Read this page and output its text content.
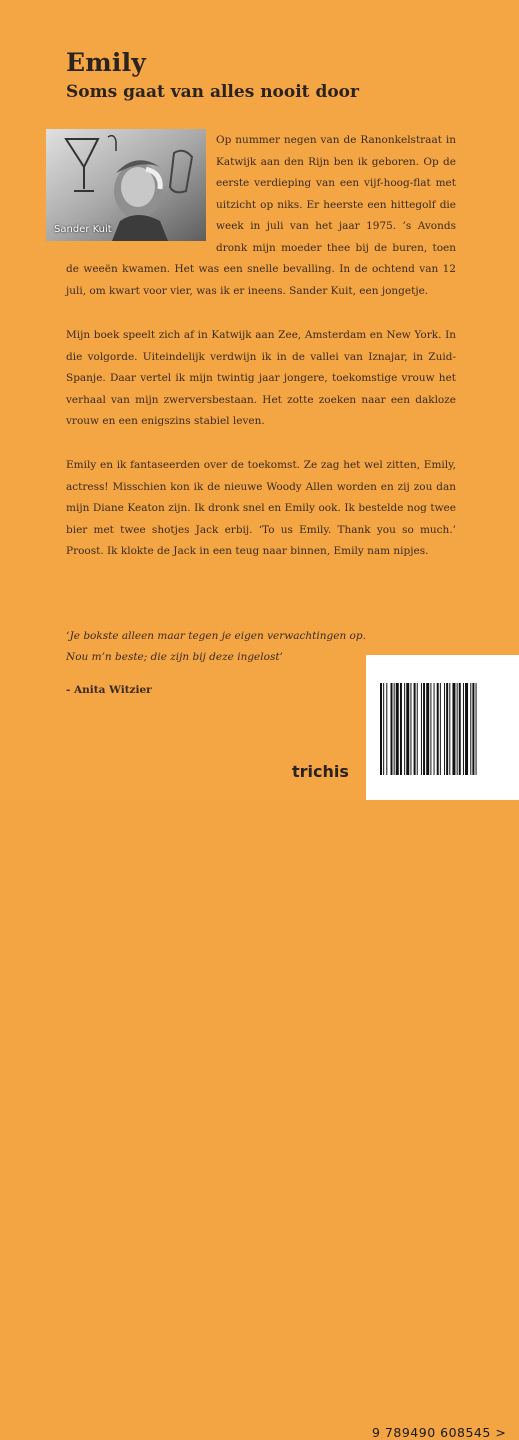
Emily
Soms gaat van alles nooit door
Sander Kuit
Op nummer negen van de Ranonkelstraat in Katwijk aan den Rijn ben ik geboren. Op de eerste verdieping van een vijf-hoog-flat met uitzicht op niks. Er heerste een hittegolf die week in juli van het jaar 1975. ’s Avonds dronk mijn moeder thee bij de buren, toen de weeën kwamen. Het was een snelle bevalling. In de ochtend van 12 juli, om kwart voor vier, was ik er ineens. Sander Kuit, een jongetje.
Mijn boek speelt zich af in Katwijk aan Zee, Amsterdam en New York. In die volgorde. Uiteindelijk verdwijn ik in de vallei van Iznajar, in Zuid-Spanje. Daar vertel ik mijn twintig jaar jongere, toekomstige vrouw het verhaal van mijn zwerversbestaan. Het zotte zoeken naar een dakloze vrouw en een enigszins stabiel leven.
Emily en ik fantaseerden over de toekomst. Ze zag het wel zitten, Emily, actress! Misschien kon ik de nieuwe Woody Allen worden en zij zou dan mijn Diane Keaton zijn. Ik dronk snel en Emily ook. Ik bestelde nog twee bier met twee shotjes Jack erbij. ‘To us Emily. Thank you so much.’ Proost. Ik klokte de Jack in een teug naar binnen, Emily nam nipjes.
‘Je bokste alleen maar tegen je eigen verwachtingen op.
Nou m’n beste; die zijn bij deze ingelost’
- Anita Witzier
trichis
9 789490 608545 >
